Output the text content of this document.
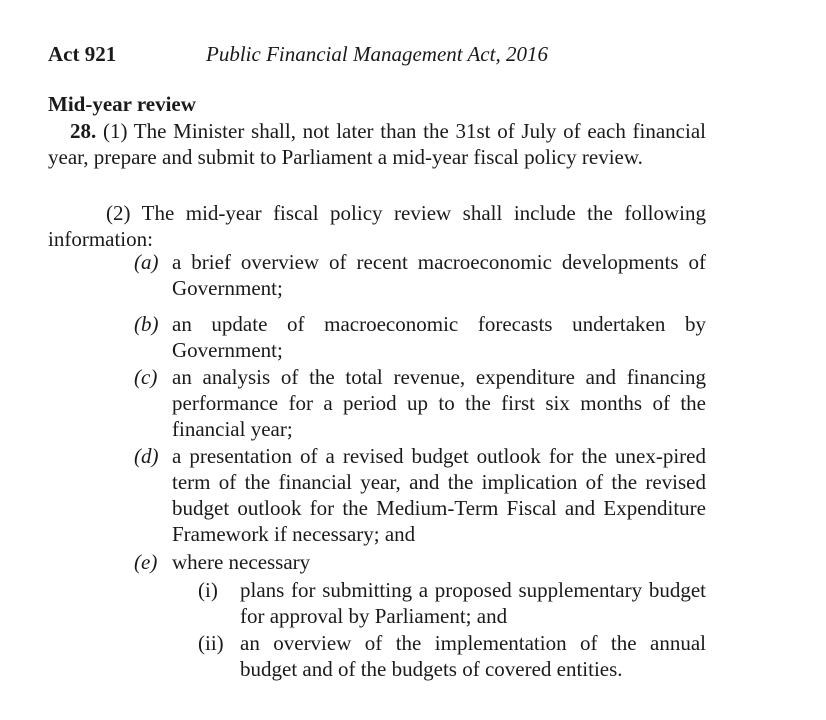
Act 921	Public Financial Management Act, 2016
Mid-year review
28. (1) The Minister shall, not later than the 31st of July of each financial year, prepare and submit to Parliament a mid-year fiscal policy review.
(2) The mid-year fiscal policy review shall include the following information:
(a) a brief overview of recent macroeconomic developments of Government;
(b) an update of macroeconomic forecasts undertaken by Government;
(c) an analysis of the total revenue, expenditure and financing performance for a period up to the first six months of the financial year;
(d) a presentation of a revised budget outlook for the unex-pired term of the financial year, and the implication of the revised budget outlook for the Medium-Term Fiscal and Expenditure Framework if necessary; and
(e) where necessary
(i) plans for submitting a proposed supplementary budget for approval by Parliament; and
(ii) an overview of the implementation of the annual budget and of the budgets of covered entities.
